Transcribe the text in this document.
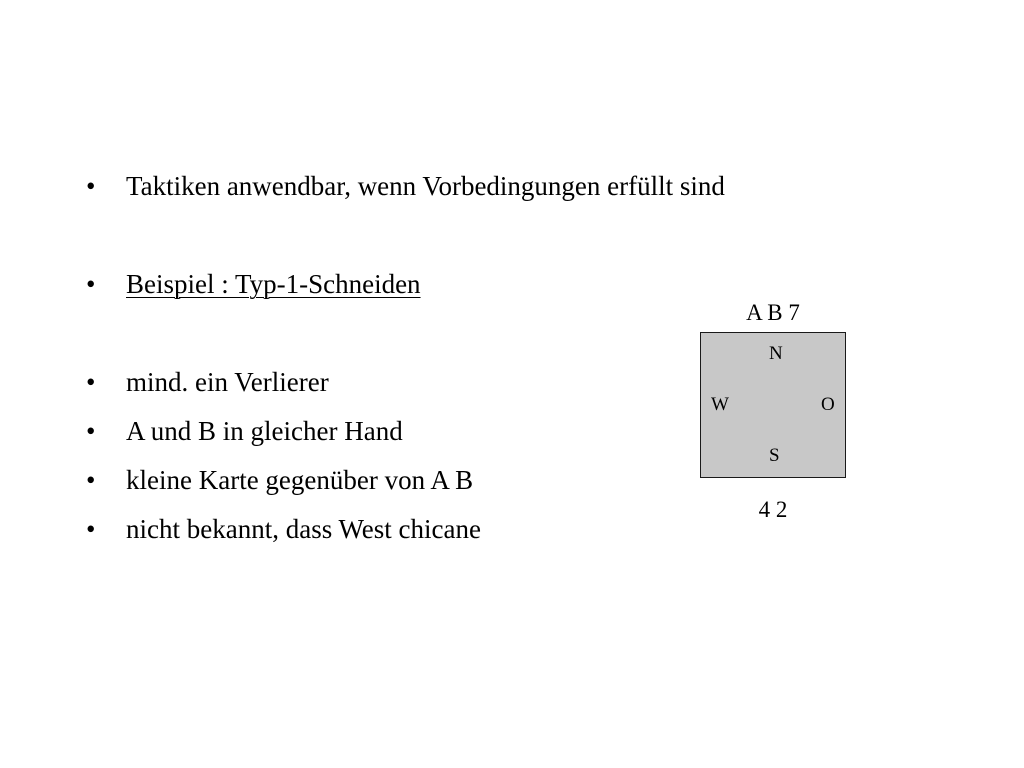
• Taktiken anwendbar, wenn Vorbedingungen erfüllt sind
• Beispiel : Typ-1-Schneiden
• mind. ein Verlierer
• A und B in gleicher Hand
• kleine Karte gegenüber von A B
• nicht bekannt, dass West chicane
A B 7
N
W	O
S
4 2
